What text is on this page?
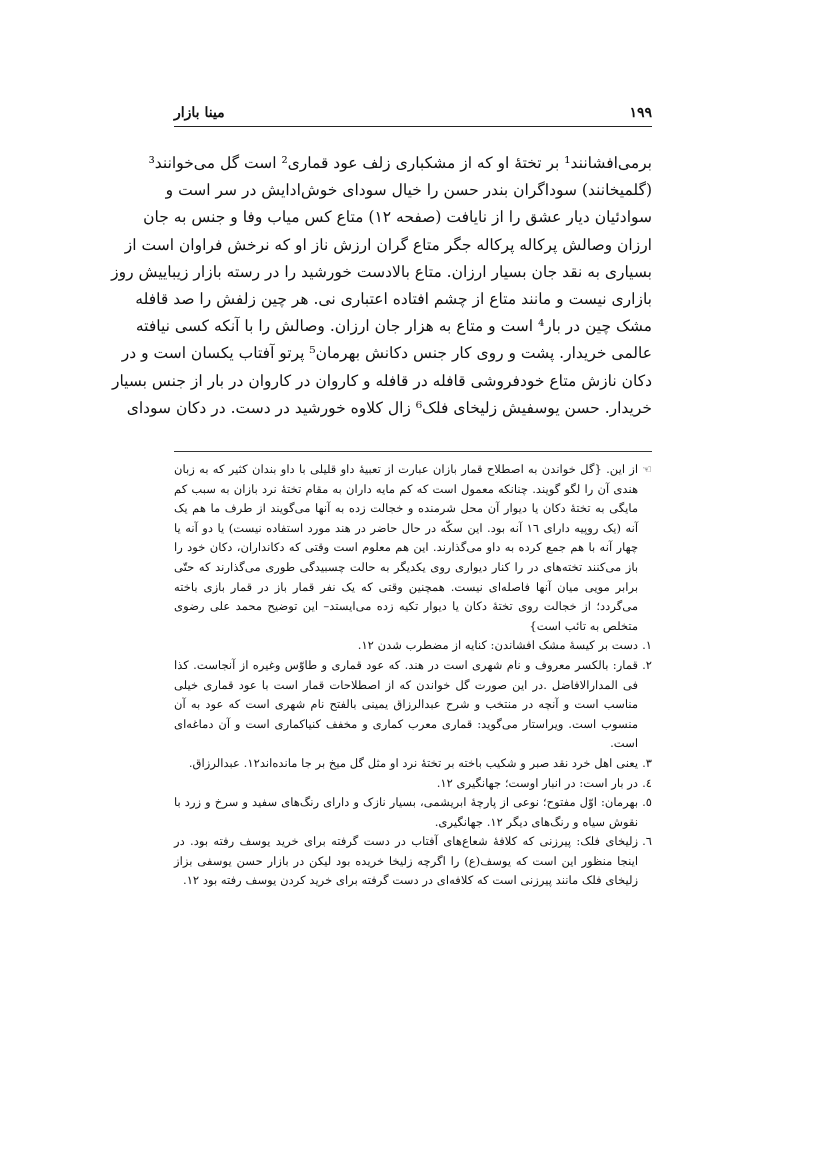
مینا بازار	١٩٩
برمی‌افشانند¹ بر تختهٔ او که از مشکباری زلف عود قماری² است گل می‌خوانند³
(گلمیخانند) سوداگران بندر حسن را خیال سودای خوش‌ادایش در سر است و
سوادئیان دیار عشق را از نایافت (صفحه ١٢) متاع کس میاب وفا و جنس به جان
ارزان وصالش پرکاله پرکاله جگر متاع گران ارزش ناز او که نرخش فراوان است از
بسیاری به نقد جان بسیار ارزان. متاع بالادست خورشید را در رسته بازار زیباییش روز
بازاری نیست و مانند متاع از چشم افتاده اعتباری نی. هر چین زلفش را صد قافله
مشک چین در بار⁴ است و متاع به هزار جان ارزان. وصالش را با آنکه کسی نیافته
عالمی خریدار. پشت و روی کار جنس دکانش بهرمان⁵ پرتو آفتاب یکسان است و در
دکان نازش متاع خودفروشی قافله در قافله و کاروان در کاروان در بار از جنس بسیار
خریدار. حسن یوسفیش زلیخای فلک⁶ زال کلاوه خورشید در دست. در دکان سودای
☜
از این. {گل خواندن به اصطلاح قمار بازان عبارت از تعبیهٔ داو قلیلی با داو بندان کثیر که به زبان هندی آن را لگو گویند. چنانکه معمول است که کم مایه داران به مقام تختهٔ نرد بازان به سبب کم مایگی به تختهٔ دکان یا دیوار آن محل شرمنده و خجالت زده به آنها می‌گویند از طرف ما هم یک آنه (یک روپیه دارای ١٦ آنه بود. این سکّه در حال حاضر در هند مورد استفاده نیست) یا دو آنه یا چهار آنه با هم جمع کرده به داو می‌گذارند. این هم معلوم است وقتی که دکانداران، دکان خود را باز می‌کنند تخته‌های در را کنار دیواری روی یکدیگر به حالت چسبیدگی طوری می‌گذارند که حتّی برابر مویی میان آنها فاصله‌ای نیست. همچنین وقتی که یک نفر قمار باز در قمار بازی باخته می‌گردد؛ از خجالت روی تختهٔ دکان یا دیوار تکیه زده می‌ایستد– این توضیح محمد علی رضوی متخلص به تائب است}
١.
دست بر کیسهٔ مشک افشاندن: کنایه از مضطرب شدن ١٢.
٢.
قمار: بالکسر معروف و نام شهری است در هند. که عود قماری و طاوّس وغیره از آنجاست. کذا فی المدارالافاضل .در این صورت گل خواندن که از اصطلاحات قمار است با عود قماری خیلی مناسب است و آنچه در منتخب و شرح عبدالرزاق یمینی بالفتح نام شهری است که عود به آن منسوب است. ویراستار می‌گوید: قماری معرب کماری و مخفف کنیاکماری است و آن دماغه‌ای است.
٣.
یعنی اهل خرد نقد صبر و شکیب باخته بر تختهٔ نرد او مثل گل میخ بر جا مانده‌اند١٢. عبدالرزاق.
٤.
در بار است: در انبار اوست؛ جهانگیری ١٢.
٥.
بهرمان: اوّل مفتوح؛ نوعی از پارچهٔ ابریشمی، بسیار نازک و دارای رنگ‌های سفید و سرخ و زرد با نقوش سیاه و رنگ‌های دیگر ١٢. جهانگیری.
٦.
زلیخای فلک: پیرزنی که کلافهٔ شعاع‌های آفتاب در دست گرفته برای خرید یوسف رفته بود. در اینجا منظور این است که یوسف(ع) را اگرچه زلیخا خریده بود لیکن در بازار حسن یوسفی بزاز زلیخای فلک مانند پیرزنی است که کلافه‌ای در دست گرفته برای خرید کردن یوسف رفته بود ١٢.
